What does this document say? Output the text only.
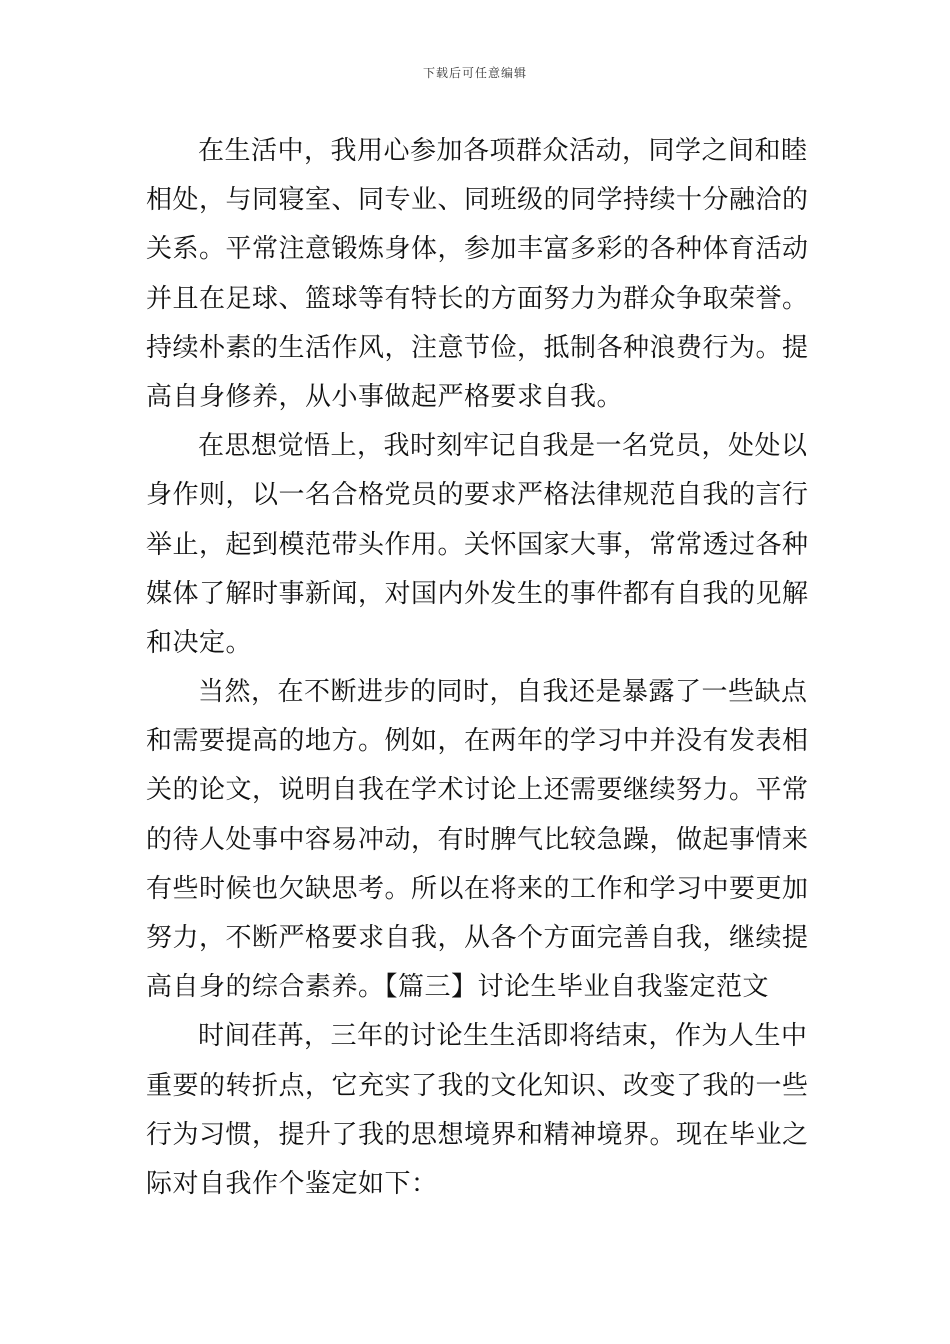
下载后可任意编辑
在生活中，我用心参加各项群众活动，同学之间和睦
相处，与同寝室、同专业、同班级的同学持续十分融洽的
关系。平常注意锻炼身体，参加丰富多彩的各种体育活动
并且在足球、篮球等有特长的方面努力为群众争取荣誉。
持续朴素的生活作风，注意节俭，抵制各种浪费行为。提
高自身修养，从小事做起严格要求自我。
在思想觉悟上，我时刻牢记自我是一名党员，处处以
身作则，以一名合格党员的要求严格法律规范自我的言行
举止，起到模范带头作用。关怀国家大事，常常透过各种
媒体了解时事新闻，对国内外发生的事件都有自我的见解
和决定。
当然，在不断进步的同时，自我还是暴露了一些缺点
和需要提高的地方。例如，在两年的学习中并没有发表相
关的论文，说明自我在学术讨论上还需要继续努力。平常
的待人处事中容易冲动，有时脾气比较急躁，做起事情来
有些时候也欠缺思考。所以在将来的工作和学习中要更加
努力，不断严格要求自我，从各个方面完善自我，继续提
高自身的综合素养。【篇三】讨论生毕业自我鉴定范文
时间荏苒，三年的讨论生生活即将结束，作为人生中
重要的转折点，它充实了我的文化知识、改变了我的一些
行为习惯，提升了我的思想境界和精神境界。现在毕业之
际对自我作个鉴定如下：
